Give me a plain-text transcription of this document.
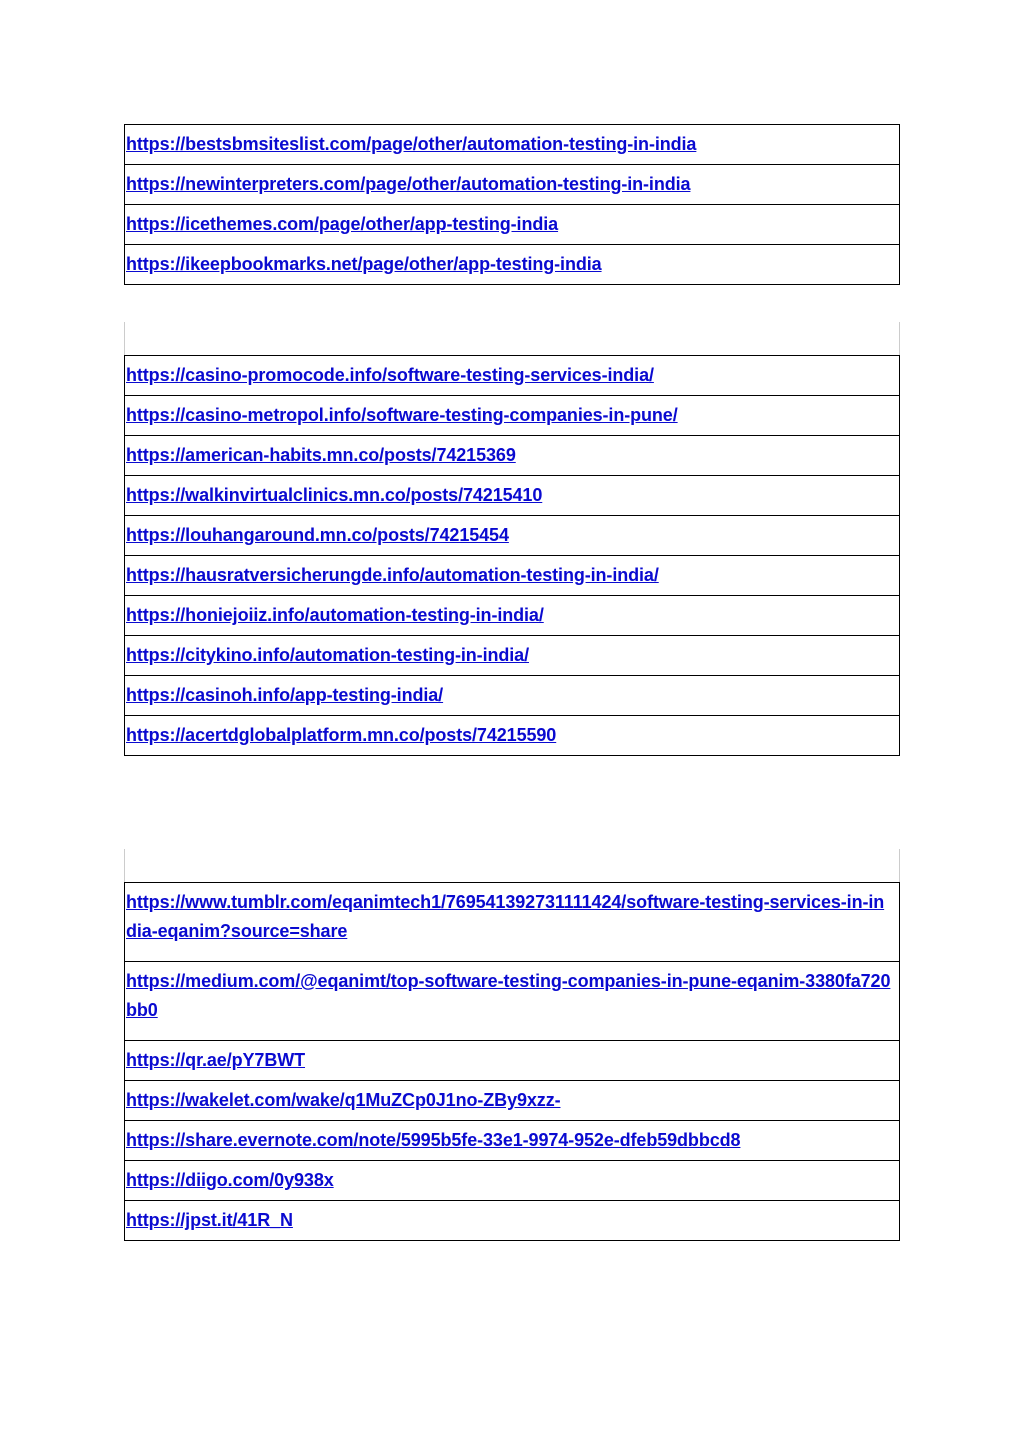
https://bestsbmsiteslist.com/page/other/automation-testing-in-india
https://newinterpreters.com/page/other/automation-testing-in-india
https://icethemes.com/page/other/app-testing-india
https://ikeepbookmarks.net/page/other/app-testing-india
https://casino-promocode.info/software-testing-services-india/
https://casino-metropol.info/software-testing-companies-in-pune/
https://american-habits.mn.co/posts/74215369
https://walkinvirtualclinics.mn.co/posts/74215410
https://louhangaround.mn.co/posts/74215454
https://hausratversicherungde.info/automation-testing-in-india/
https://honiejoiiz.info/automation-testing-in-india/
https://citykino.info/automation-testing-in-india/
https://casinoh.info/app-testing-india/
https://acertdglobalplatform.mn.co/posts/74215590
https://www.tumblr.com/eqanimtech1/769541392731111424/software-testing-services-in-india-eqanim?source=share
https://medium.com/@eqanimt/top-software-testing-companies-in-pune-eqanim-3380fa720bb0
https://qr.ae/pY7BWT
https://wakelet.com/wake/q1MuZCp0J1no-ZBy9xzz-
https://share.evernote.com/note/5995b5fe-33e1-9974-952e-dfeb59dbbcd8
https://diigo.com/0y938x
https://jpst.it/41R_N
